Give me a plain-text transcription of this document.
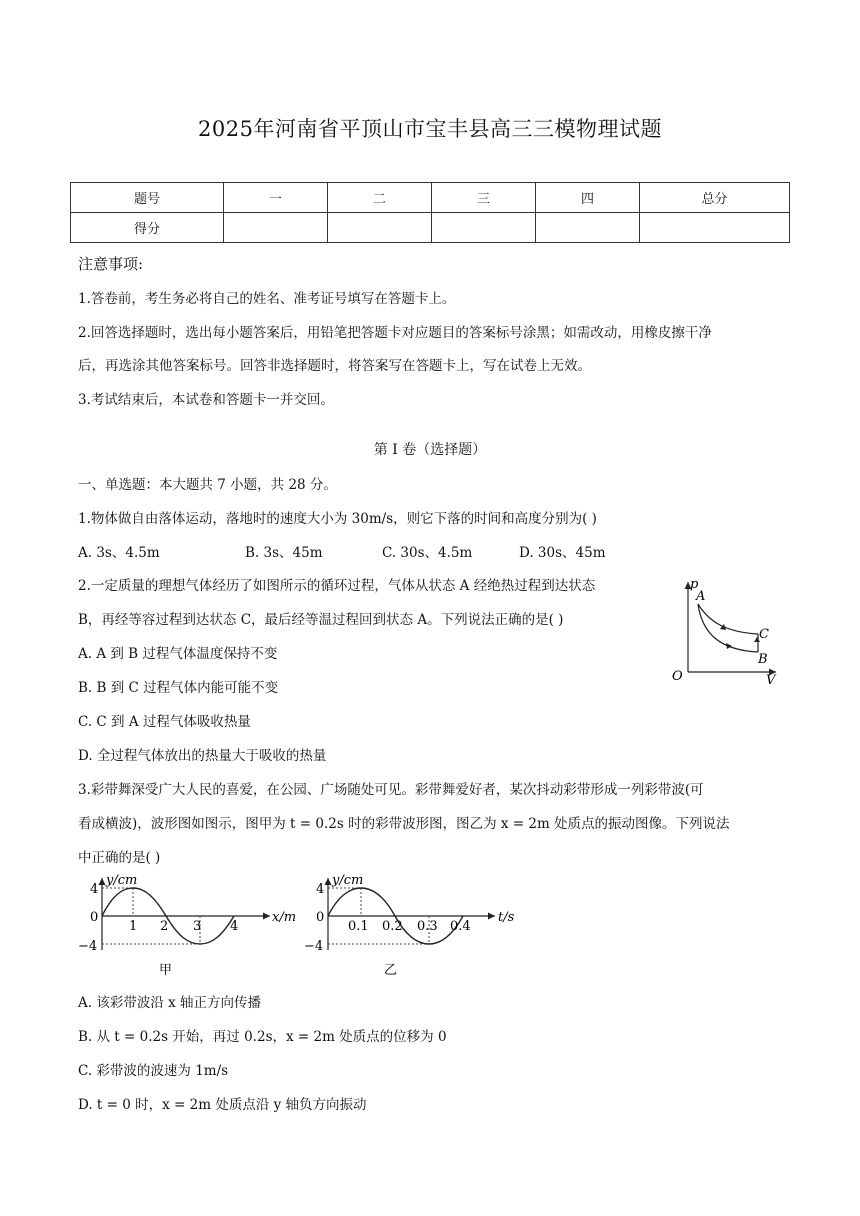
2025年河南省平顶山市宝丰县高三三模物理试题
题号	一	二	三	四	总分
得分					
注意事项:
1.答卷前，考生务必将自己的姓名、准考证号填写在答题卡上。
2.回答选择题时，选出每小题答案后，用铅笔把答题卡对应题目的答案标号涂黑；如需改动，用橡皮擦干净
后，再选涂其他答案标号。回答非选择题时，将答案写在答题卡上，写在试卷上无效。
3.考试结束后，本试卷和答题卡一并交回。
第 I 卷（选择题）
一、单选题：本大题共 7 小题，共 28 分。
1.物体做自由落体运动，落地时的速度大小为 30m/s，则它下落的时间和高度分别为( )
A. 3s、4.5m	B. 3s、45m	C. 30s、4.5m	D. 30s、45m
2.一定质量的理想气体经历了如图所示的循环过程，气体从状态 A 经绝热过程到达状态
B，再经等容过程到达状态 C，最后经等温过程回到状态 A。下列说法正确的是( )
A. A 到 B 过程气体温度保持不变
B. B 到 C 过程气体内能可能不变
C. C 到 A 过程气体吸收热量
D. 全过程气体放出的热量大于吸收的热量
p
V
O
A
B
C
3.彩带舞深受广大人民的喜爱，在公园、广场随处可见。彩带舞爱好者，某次抖动彩带形成一列彩带波(可
看成横波)，波形图如图示，图甲为 t = 0.2s 时的彩带波形图，图乙为 x = 2m 处质点的振动图像。下列说法
中正确的是( )
y/cm
x/m
4
0
−4
1 2 3 4
甲
y/cm
t/s
4
0
−4
0.1 0.2 0.3 0.4
乙
A. 该彩带波沿 x 轴正方向传播
B. 从 t = 0.2s 开始，再过 0.2s，x = 2m 处质点的位移为 0
C. 彩带波的波速为 1m/s
D. t = 0 时，x = 2m 处质点沿 y 轴负方向振动
